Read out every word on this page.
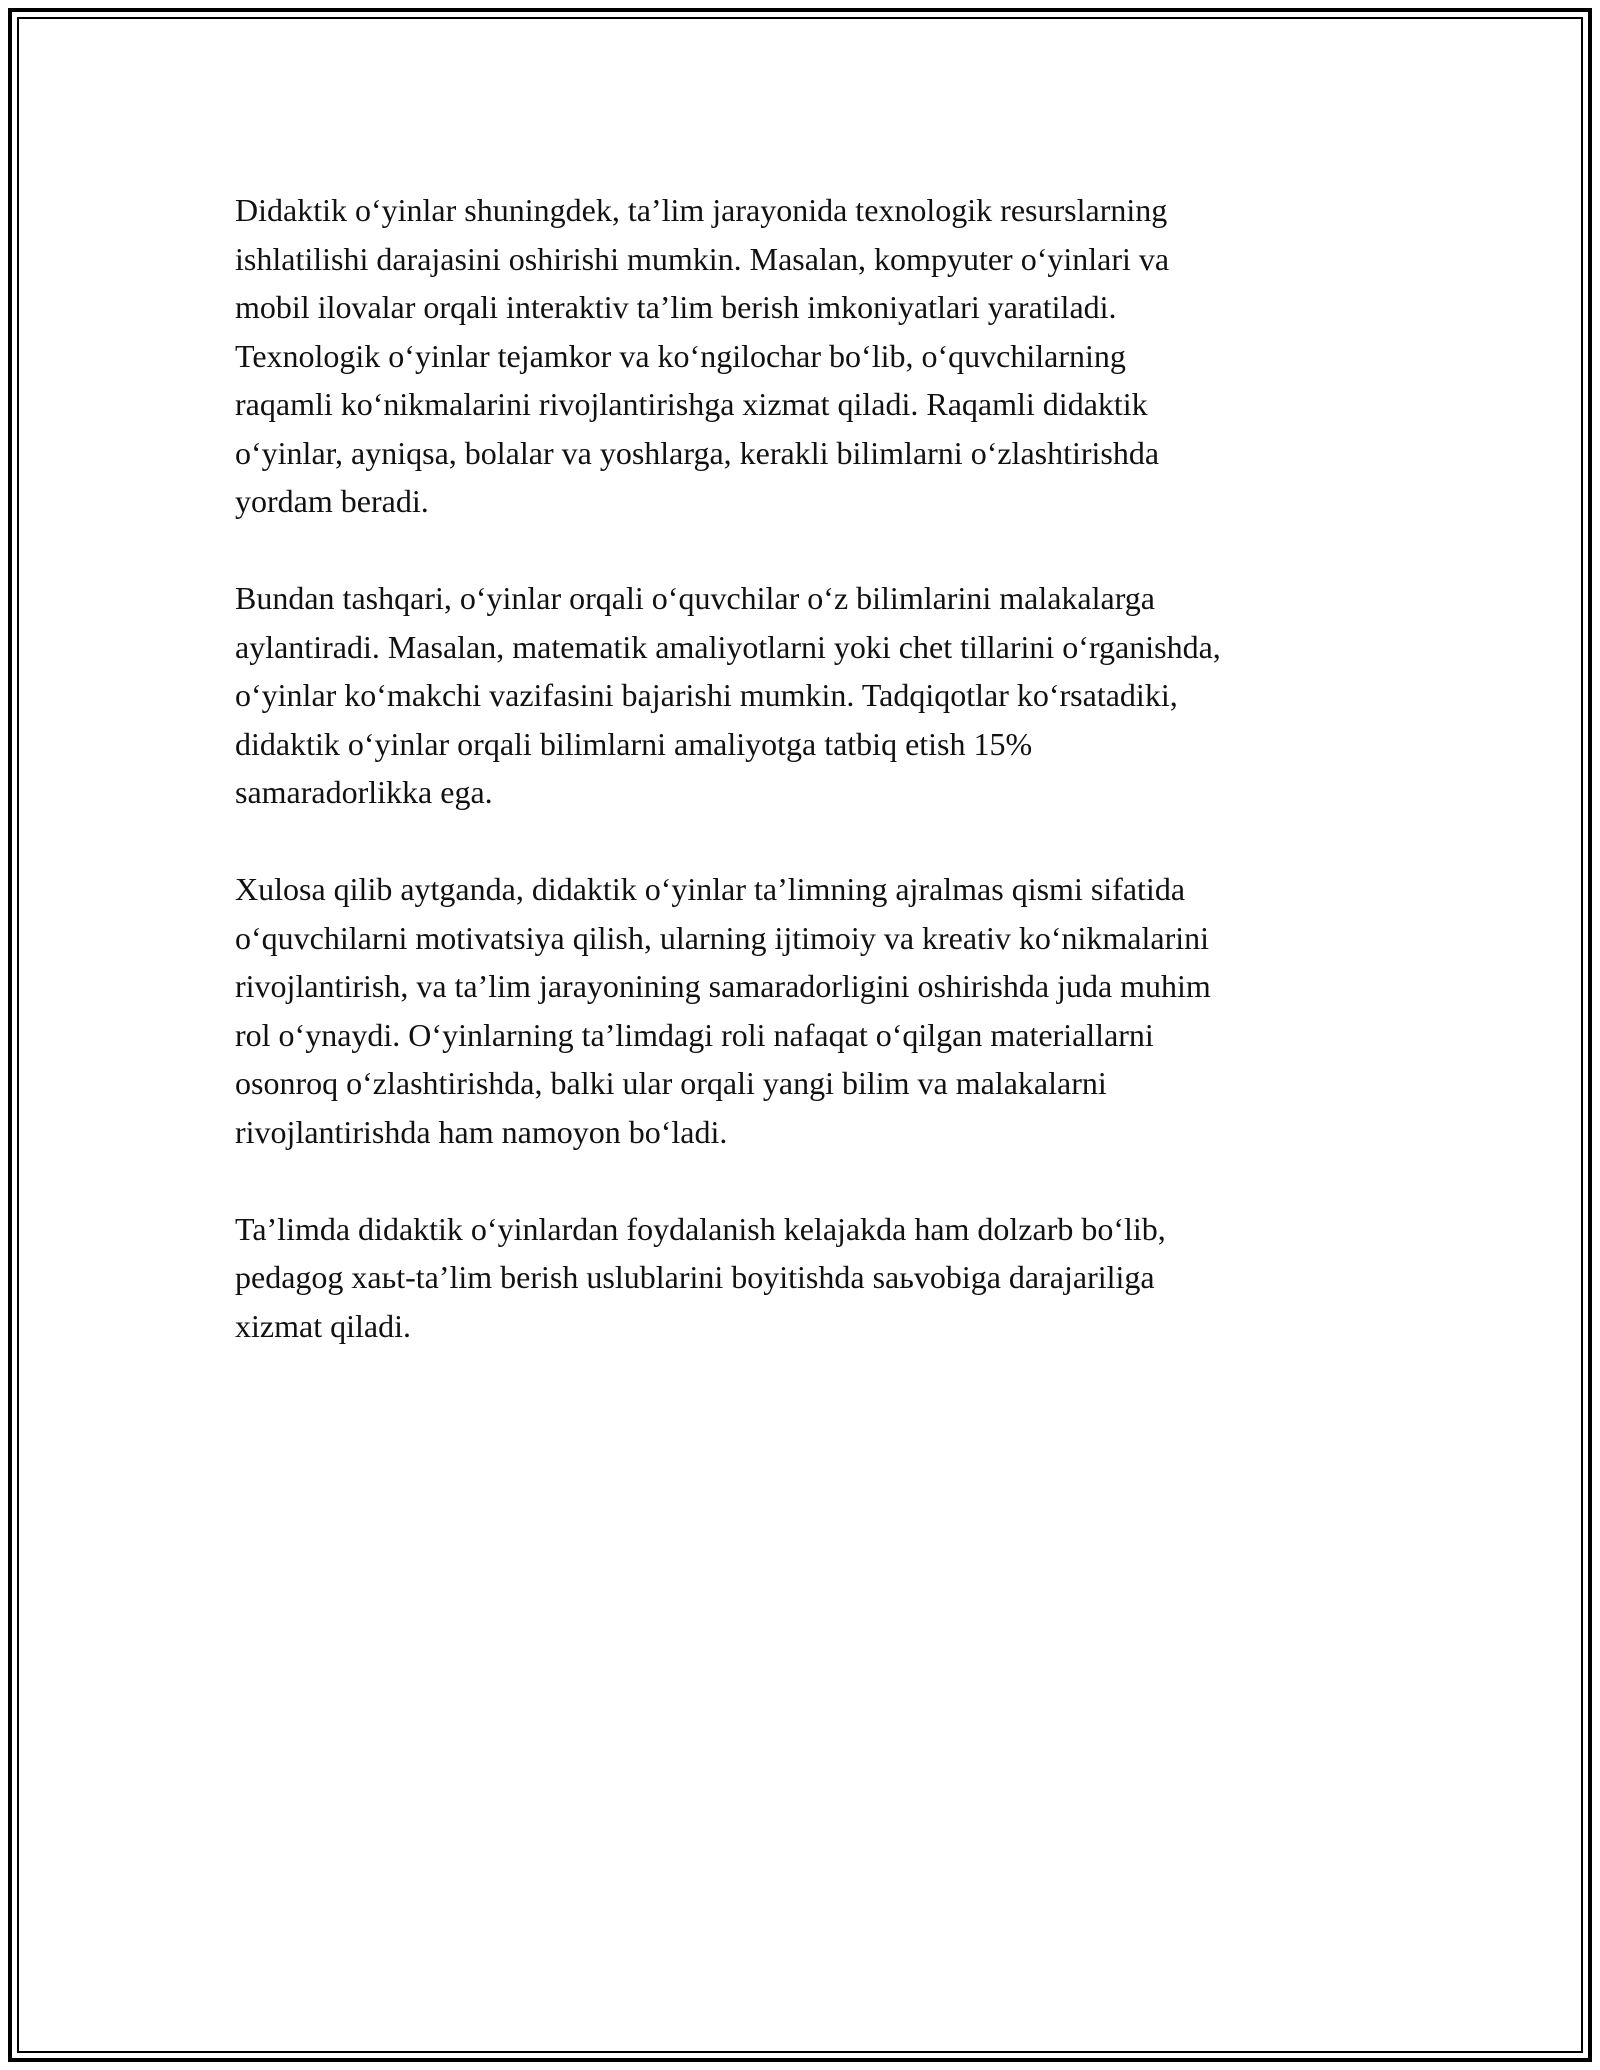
Didaktik o‘yinlar shuningdek, ta’lim jarayonida texnologik resurslarning
ishlatilishi darajasini oshirishi mumkin. Masalan, kompyuter o‘yinlari va
mobil ilovalar orqali interaktiv ta’lim berish imkoniyatlari yaratiladi.
Texnologik o‘yinlar tejamkor va ko‘ngilochar bo‘lib, o‘quvchilarning
raqamli ko‘nikmalarini rivojlantirishga xizmat qiladi. Raqamli didaktik
o‘yinlar, ayniqsa, bolalar va yoshlarga, kerakli bilimlarni o‘zlashtirishda
yordam beradi.

Bundan tashqari, o‘yinlar orqali o‘quvchilar o‘z bilimlarini malakalarga
aylantiradi. Masalan, matematik amaliyotlarni yoki chet tillarini o‘rganishda,
o‘yinlar ko‘makchi vazifasini bajarishi mumkin. Tadqiqotlar ko‘rsatadiki,
didaktik o‘yinlar orqali bilimlarni amaliyotga tatbiq etish 15%
samaradorlikka ega.

Xulosa qilib aytganda, didaktik o‘yinlar ta’limning ajralmas qismi sifatida
o‘quvchilarni motivatsiya qilish, ularning ijtimoiy va kreativ ko‘nikmalarini
rivojlantirish, va ta’lim jarayonining samaradorligini oshirishda juda muhim
rol o‘ynaydi. O‘yinlarning ta’limdagi roli nafaqat o‘qilgan materiallarni
osonroq o‘zlashtirishda, balki ular orqali yangi bilim va malakalarni
rivojlantirishda ham namoyon bo‘ladi.

Ta’limda didaktik o‘yinlardan foydalanish kelajakda ham dolzarb bo‘lib,
pedagog xaьt-ta’lim berish uslublarini boyitishda saьvobiga darajariliga
xizmat qiladi.
